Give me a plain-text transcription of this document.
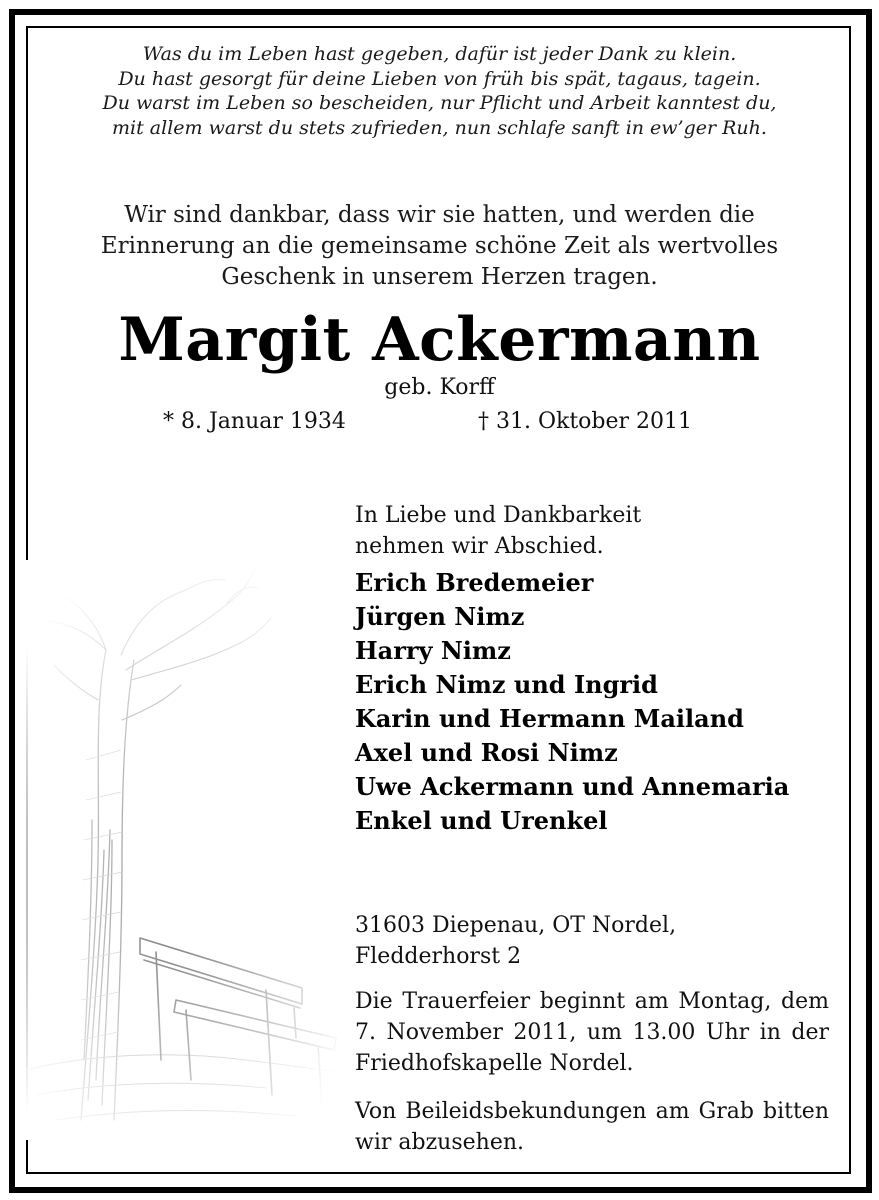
Was du im Leben hast gegeben, dafür ist jeder Dank zu klein.
Du hast gesorgt für deine Lieben von früh bis spät, tagaus, tagein.
Du warst im Leben so bescheiden, nur Pflicht und Arbeit kanntest du,
mit allem warst du stets zufrieden, nun schlafe sanft in ew’ger Ruh.
Wir sind dankbar, dass wir sie hatten, und werden die
Erinnerung an die gemeinsame schöne Zeit als wertvolles
Geschenk in unserem Herzen tragen.
Margit Ackermann
geb. Korff
* 8. Januar 1934	† 31. Oktober 2011
In Liebe und Dankbarkeit
nehmen wir Abschied.
Erich Bredemeier
Jürgen Nimz
Harry Nimz
Erich Nimz und Ingrid
Karin und Hermann Mailand
Axel und Rosi Nimz
Uwe Ackermann und Annemaria
Enkel und Urenkel
31603 Diepenau, OT Nordel,
Fledderhorst 2
Die Trauerfeier beginnt am Montag, dem 7. November 2011, um 13.00 Uhr in der Friedhofskapelle Nordel.
Von Beileidsbekundungen am Grab bitten wir abzusehen.
